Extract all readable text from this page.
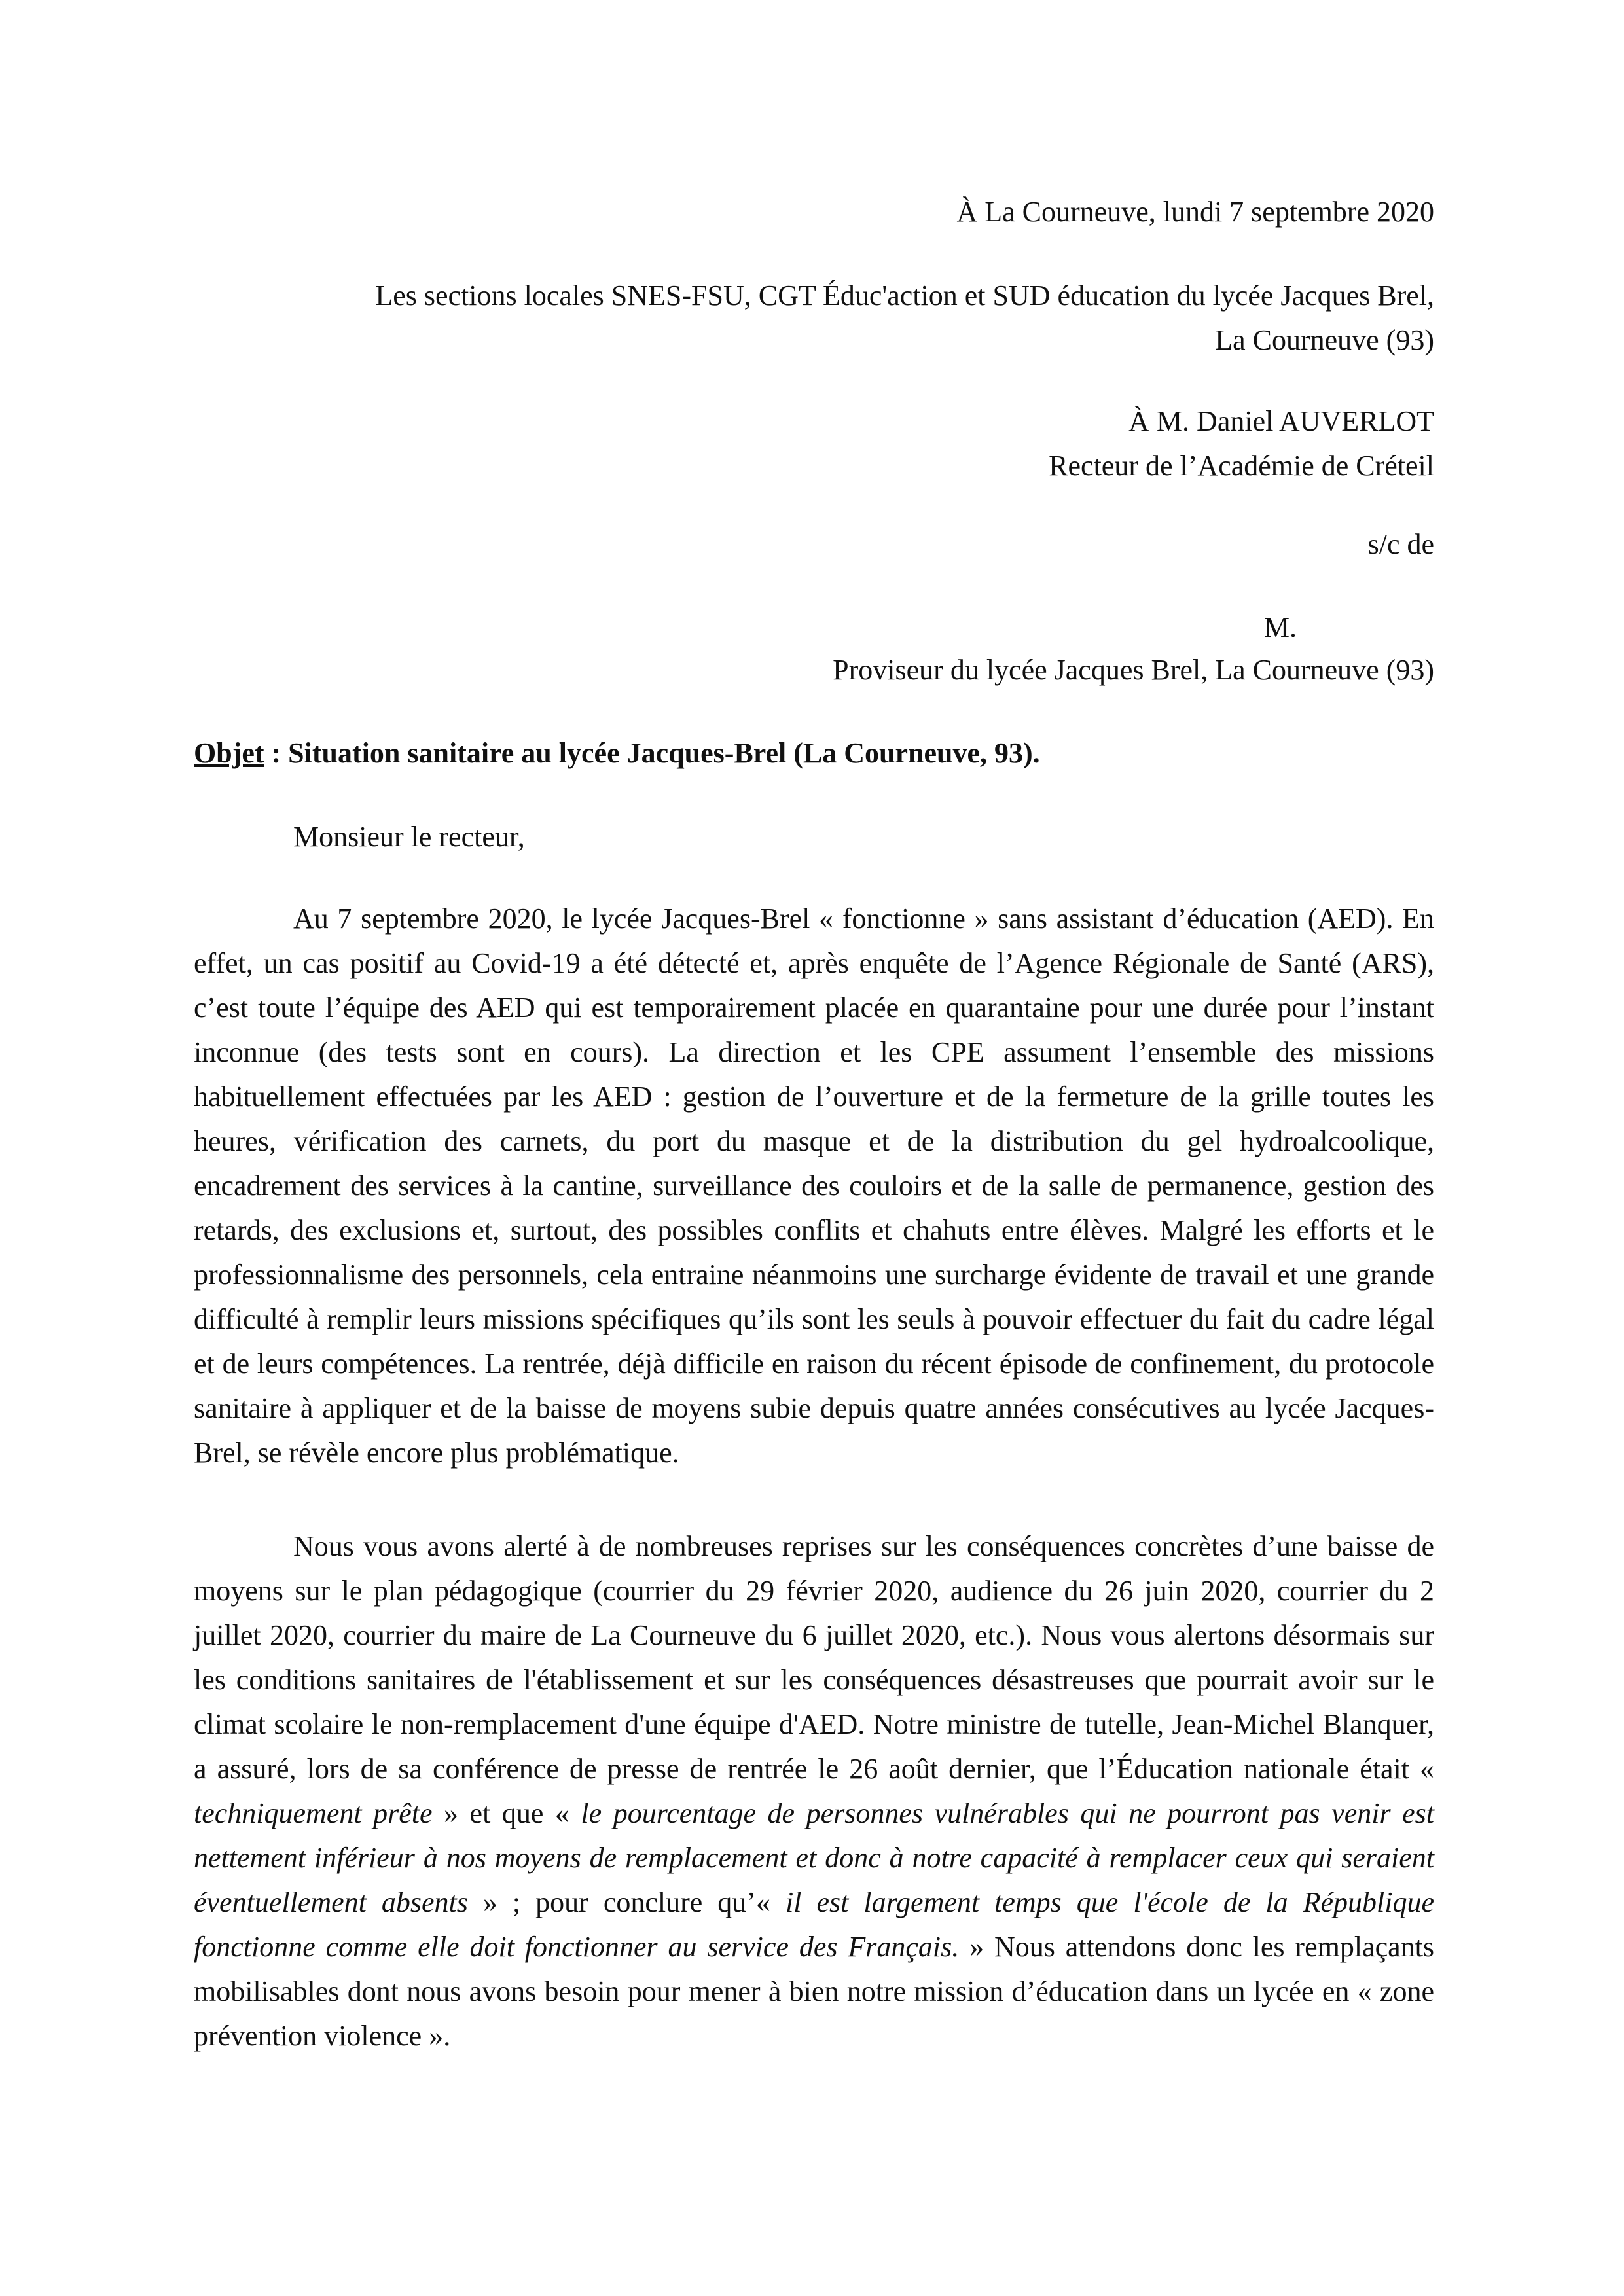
À La Courneuve, lundi 7 septembre 2020

Les sections locales SNES-FSU, CGT Éduc'action et SUD éducation du lycée Jacques Brel,
La Courneuve (93)
À M. Daniel AUVERLOT
Recteur de l’Académie de Créteil

s/c de

M.

Proviseur du lycée Jacques Brel, La Courneuve (93)

Objet : Situation sanitaire au lycée Jacques-Brel (La Courneuve, 93).

Monsieur le recteur,

Au 7 septembre 2020, le lycée Jacques-Brel « fonctionne » sans assistant d’éducation (AED). En effet, un cas positif au Covid-19 a été détecté et, après enquête de l’Agence Régionale de Santé (ARS), c’est toute l’équipe des AED qui est temporairement placée en quarantaine pour une durée pour l’instant inconnue (des tests sont en cours). La direction et les CPE assument l’ensemble des missions habituellement effectuées par les AED : gestion de l’ouverture et de la fermeture de la grille toutes les heures, vérification des carnets, du port du masque et de la distribution du gel hydroalcoolique, encadrement des services à la cantine, surveillance des couloirs et de la salle de permanence, gestion des retards, des exclusions et, surtout, des possibles conflits et chahuts entre élèves. Malgré les efforts et le professionnalisme des personnels, cela entraine néanmoins une surcharge évidente de travail et une grande difficulté à remplir leurs missions spécifiques qu’ils sont les seuls à pouvoir effectuer du fait du cadre légal et de leurs compétences. La rentrée, déjà difficile en raison du récent épisode de confinement, du protocole sanitaire à appliquer et de la baisse de moyens subie depuis quatre années consécutives au lycée Jacques-Brel, se révèle encore plus problématique.

Nous vous avons alerté à de nombreuses reprises sur les conséquences concrètes d’une baisse de moyens sur le plan pédagogique (courrier du 29 février 2020, audience du 26 juin 2020, courrier du 2 juillet 2020, courrier du maire de La Courneuve du 6 juillet 2020, etc.). Nous vous alertons désormais sur les conditions sanitaires de l'établissement et sur les conséquences désastreuses que pourrait avoir sur le climat scolaire le non-remplacement d'une équipe d'AED. Notre ministre de tutelle, Jean-Michel Blanquer, a assuré, lors de sa conférence de presse de rentrée le 26 août dernier, que l’Éducation nationale était « techniquement prête » et que « le pourcentage de personnes vulnérables qui ne pourront pas venir est nettement inférieur à nos moyens de remplacement et donc à notre capacité à remplacer ceux qui seraient éventuellement absents » ; pour conclure qu’« il est largement temps que l'école de la République fonctionne comme elle doit fonctionner au service des Français. » Nous attendons donc les remplaçants mobilisables dont nous avons besoin pour mener à bien notre mission d’éducation dans un lycée en « zone prévention violence ».
